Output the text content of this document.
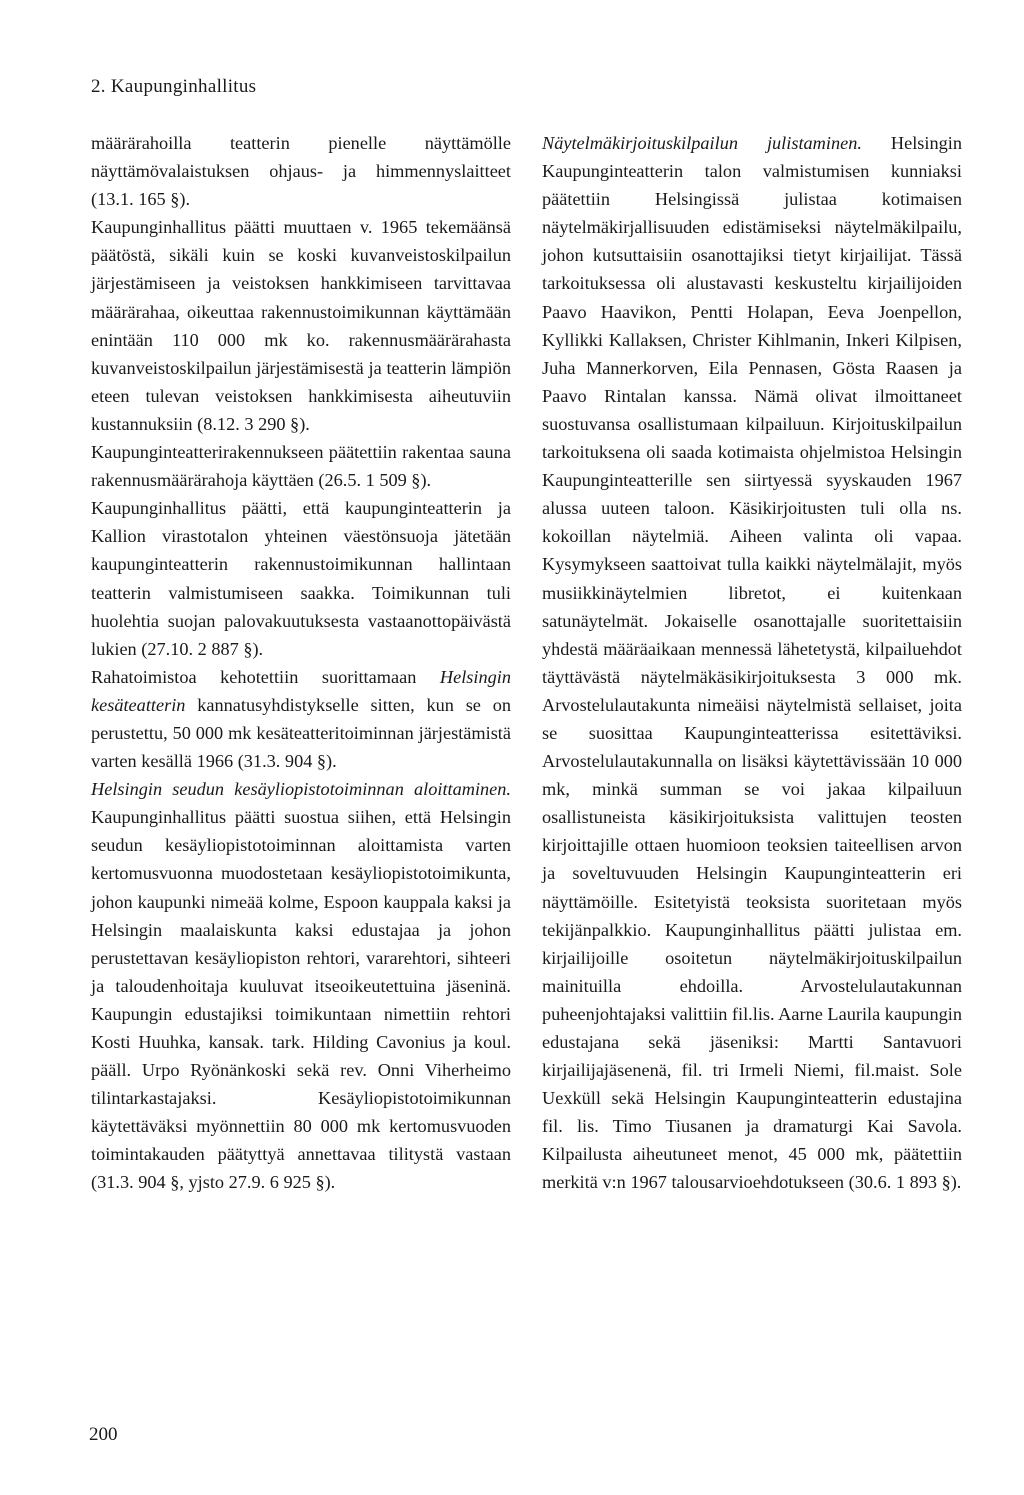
2. Kaupunginhallitus

määrärahoilla teatterin pienelle näyttämölle näyttämövalaistuksen ohjaus- ja himmennyslaitteet (13.1. 165 §).

Kaupunginhallitus päätti muuttaen v. 1965 tekemäänsä päätöstä, sikäli kuin se koski kuvanveistoskilpailun järjestämiseen ja veistoksen hankkimiseen tarvittavaa määrärahaa, oikeuttaa rakennustoimikunnan käyttämään enintään 110 000 mk ko. rakennusmäärärahasta kuvanveistoskilpailun järjestämisestä ja teatterin lämpiön eteen tulevan veistoksen hankkimisesta aiheutuviin kustannuksiin (8.12. 3 290 §).

Kaupunginteatterirakennukseen päätettiin rakentaa sauna rakennusmäärärahoja käyttäen (26.5. 1 509 §).

Kaupunginhallitus päätti, että kaupunginteatterin ja Kallion virastotalon yhteinen väestönsuoja jätetään kaupunginteatterin rakennustoimikunnan hallintaan teatterin valmistumiseen saakka. Toimikunnan tuli huolehtia suojan palovakuutuksesta vastaanottopäivästä lukien (27.10. 2 887 §).

Rahatoimistoa kehotettiin suorittamaan Helsingin kesäteatterin kannatusyhdistykselle sitten, kun se on perustettu, 50 000 mk kesäteatteritoiminnan järjestämistä varten kesällä 1966 (31.3. 904 §).

Helsingin seudun kesäyliopistotoiminnan aloittaminen. Kaupunginhallitus päätti suostua siihen, että Helsingin seudun kesäyliopistotoiminnan aloittamista varten kertomusvuonna muodostetaan kesäyliopistotoimikunta, johon kaupunki nimeää kolme, Espoon kauppala kaksi ja Helsingin maalaiskunta kaksi edustajaa ja johon perustettavan kesäyliopiston rehtori, vararehtori, sihteeri ja taloudenhoitaja kuuluvat itseoikeutettuina jäseninä. Kaupungin edustajiksi toimikuntaan nimettiin rehtori Kosti Huuhka, kansak. tark. Hilding Cavonius ja koul. pääll. Urpo Ryönänkoski sekä rev. Onni Viherheimo tilintarkastajaksi. Kesäyliopistotoimikunnan käytettäväksi myönnettiin 80 000 mk kertomusvuoden toimintakauden päätyttyä annettavaa tilitystä vastaan (31.3. 904 §, yjsto 27.9. 6 925 §).

Näytelmäkirjoituskilpailun julistaminen. Helsingin Kaupunginteatterin talon valmistumisen kunniaksi päätettiin Helsingissä julistaa kotimaisen näytelmäkirjallisuuden edistämiseksi näytelmäkilpailu, johon kutsuttaisiin osanottajiksi tietyt kirjailijat. Tässä tarkoituksessa oli alustavasti keskusteltu kirjailijoiden Paavo Haavikon, Pentti Holapan, Eeva Joenpellon, Kyllikki Kallaksen, Christer Kihlmanin, Inkeri Kilpisen, Juha Mannerkorven, Eila Pennasen, Gösta Raasen ja Paavo Rintalan kanssa. Nämä olivat ilmoittaneet suostuvansa osallistumaan kilpailuun. Kirjoituskilpailun tarkoituksena oli saada kotimaista ohjelmistoa Helsingin Kaupunginteatterille sen siirtyessä syyskauden 1967 alussa uuteen taloon. Käsikirjoitusten tuli olla ns. kokoillan näytelmiä. Aiheen valinta oli vapaa. Kysymykseen saattoivat tulla kaikki näytelmälajit, myös musiikkinäytelmien libretot, ei kuitenkaan satunäytelmät. Jokaiselle osanottajalle suoritettaisiin yhdestä määräaikaan mennessä lähetetystä, kilpailuehdot täyttävästä näytelmäkäsikirjoituksesta 3 000 mk. Arvostelulautakunta nimeäisi näytelmistä sellaiset, joita se suosittaa Kaupunginteatterissa esitettäviksi. Arvostelulautakunnalla on lisäksi käytettävissään 10 000 mk, minkä summan se voi jakaa kilpailuun osallistuneista käsikirjoituksista valittujen teosten kirjoittajille ottaen huomioon teoksien taiteellisen arvon ja soveltuvuuden Helsingin Kaupunginteatterin eri näyttämöille. Esitetyistä teoksista suoritetaan myös tekijänpalkkio. Kaupunginhallitus päätti julistaa em. kirjailijoille osoitetun näytelmäkirjoituskilpailun mainituilla ehdoilla. Arvostelulautakunnan puheenjohtajaksi valittiin fil.lis. Aarne Laurila kaupungin edustajana sekä jäseniksi: Martti Santavuori kirjailijajäsenenä, fil. tri Irmeli Niemi, fil.maist. Sole Uexküll sekä Helsingin Kaupunginteatterin edustajina fil. lis. Timo Tiusanen ja dramaturgi Kai Savola. Kilpailusta aiheutuneet menot, 45 000 mk, päätettiin merkitä v:n 1967 talousarvioehdotukseen (30.6. 1 893 §).

200
